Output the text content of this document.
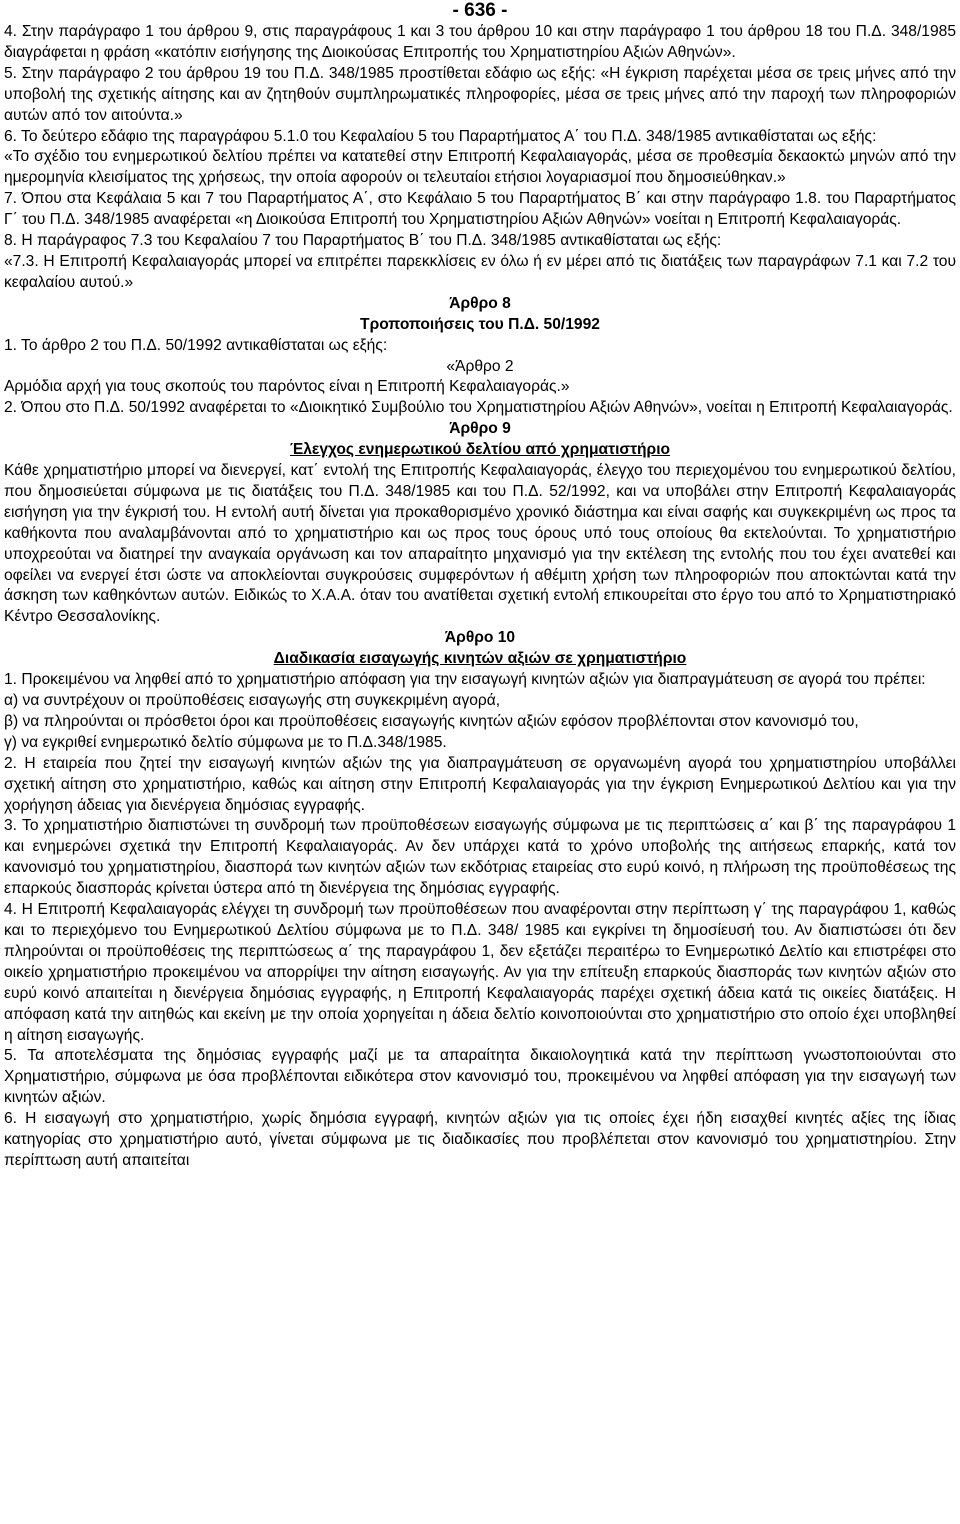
- 636 -

4. Στην παράγραφο 1 του άρθρου 9, στις παραγράφους 1 και 3 του άρθρου 10 και στην παράγραφο 1 του άρθρου 18 του Π.Δ. 348/1985 διαγράφεται η φράση «κατόπιν εισήγησης της Διοικούσας Επιτροπής του Χρηματιστηρίου Αξιών Αθηνών».

5. Στην παράγραφο 2 του άρθρου 19 του Π.Δ. 348/1985 προστίθεται εδάφιο ως εξής: «Η έγκριση παρέχεται μέσα σε τρεις μήνες από την υποβολή της σχετικής αίτησης και αν ζητηθούν συμπληρωματικές πληροφορίες, μέσα σε τρεις μήνες από την παροχή των πληροφοριών αυτών από τον αιτούντα.»

6. Το δεύτερο εδάφιο της παραγράφου 5.1.0 του Κεφαλαίου 5 του Παραρτήματος Α΄ του Π.Δ. 348/1985 αντικαθίσταται ως εξής:

«Το σχέδιο του ενημερωτικού δελτίου πρέπει να κατατεθεί στην Επιτροπή Κεφαλαιαγοράς, μέσα σε προθεσμία δεκαοκτώ μηνών από την ημερομηνία κλεισίματος της χρήσεως, την οποία αφορούν οι τελευταίοι ετήσιοι λογαριασμοί που δημοσιεύθηκαν.»

7. Όπου στα Κεφάλαια 5 και 7 του Παραρτήματος Α΄, στο Κεφάλαιο 5 του Παραρτήματος Β΄ και στην παράγραφο 1.8. του Παραρτήματος Γ΄ του Π.Δ. 348/1985 αναφέρεται «η Διοικούσα Επιτροπή του Χρηματιστηρίου Αξιών Αθηνών» νοείται η Επιτροπή Κεφαλαιαγοράς.

8. Η παράγραφος 7.3 του Κεφαλαίου 7 του Παραρτήματος Β΄ του Π.Δ. 348/1985 αντικαθίσταται ως εξής:

«7.3. Η Επιτροπή Κεφαλαιαγοράς μπορεί να επιτρέπει παρεκκλίσεις εν όλω ή εν μέρει από τις διατάξεις των παραγράφων 7.1 και 7.2 του κεφαλαίου αυτού.»

Άρθρο 8

Τροποποιήσεις του Π.Δ. 50/1992

1. Το άρθρο 2 του Π.Δ. 50/1992 αντικαθίσταται ως εξής:

«Άρθρο 2

Αρμόδια αρχή για τους σκοπούς του παρόντος είναι η Επιτροπή Κεφαλαιαγοράς.»

2. Όπου στο Π.Δ. 50/1992 αναφέρεται το «Διοικητικό Συμβούλιο του Χρηματιστηρίου Αξιών Αθηνών», νοείται η Επιτροπή Κεφαλαιαγοράς.

Άρθρο 9

Έλεγχος ενημερωτικού δελτίου από χρηματιστήριο

Κάθε χρηματιστήριο μπορεί να διενεργεί, κατ΄ εντολή της Επιτροπής Κεφαλαιαγοράς, έλεγχο του περιεχομένου του ενημερωτικού δελτίου, που δημοσιεύεται σύμφωνα με τις διατάξεις του Π.Δ. 348/1985 και του Π.Δ. 52/1992, και να υποβάλει στην Επιτροπή Κεφαλαιαγοράς εισήγηση για την έγκρισή του. Η εντολή αυτή δίνεται για προκαθορισμένο χρονικό διάστημα και είναι σαφής και συγκεκριμένη ως προς τα καθήκοντα που αναλαμβάνονται από το χρηματιστήριο και ως προς τους όρους υπό τους οποίους θα εκτελούνται. Το χρηματιστήριο υποχρεούται να διατηρεί την αναγκαία οργάνωση και τον απαραίτητο μηχανισμό για την εκτέλεση της εντολής που του έχει ανατεθεί και οφείλει να ενεργεί έτσι ώστε να αποκλείονται συγκρούσεις συμφερόντων ή αθέμιτη χρήση των πληροφοριών που αποκτώνται κατά την άσκηση των καθηκόντων αυτών. Ειδικώς το Χ.Α.Α. όταν του ανατίθεται σχετική εντολή επικουρείται στο έργο του από το Χρηματιστηριακό Κέντρο Θεσσαλονίκης.

Άρθρο 10

Διαδικασία εισαγωγής κινητών αξιών σε χρηματιστήριο

1. Προκειμένου να ληφθεί από το χρηματιστήριο απόφαση για την εισαγωγή κινητών αξιών για διαπραγμάτευση σε αγορά του πρέπει:

α) να συντρέχουν οι προϋποθέσεις εισαγωγής στη συγκεκριμένη αγορά,

β) να πληρούνται οι πρόσθετοι όροι και προϋποθέσεις εισαγωγής κινητών αξιών εφόσον προβλέπονται στον κανονισμό του,

γ) να εγκριθεί ενημερωτικό δελτίο σύμφωνα με το Π.Δ.348/1985.

2. Η εταιρεία που ζητεί την εισαγωγή κινητών αξιών της για διαπραγμάτευση σε οργανωμένη αγορά του χρηματιστηρίου υποβάλλει σχετική αίτηση στο χρηματιστήριο, καθώς και αίτηση στην Επιτροπή Κεφαλαιαγοράς για την έγκριση Ενημερωτικού Δελτίου και για την χορήγηση άδειας για διενέργεια δημόσιας εγγραφής.

3. Το χρηματιστήριο διαπιστώνει τη συνδρομή των προϋποθέσεων εισαγωγής σύμφωνα με τις περιπτώσεις α΄ και β΄ της παραγράφου 1 και ενημερώνει σχετικά την Επιτροπή Κεφαλαιαγοράς. Αν δεν υπάρχει κατά το χρόνο υποβολής της αιτήσεως επαρκής, κατά τον κανονισμό του χρηματιστηρίου, διασπορά των κινητών αξιών των εκδότριας εταιρείας στο ευρύ κοινό, η πλήρωση της προϋποθέσεως της επαρκούς διασποράς κρίνεται ύστερα από τη διενέργεια της δημόσιας εγγραφής.

4. Η Επιτροπή Κεφαλαιαγοράς ελέγχει τη συνδρομή των προϋποθέσεων που αναφέρονται στην περίπτωση γ΄ της παραγράφου 1, καθώς και το περιεχόμενο του Ενημερωτικού Δελτίου σύμφωνα με το Π.Δ. 348/ 1985 και εγκρίνει τη δημοσίευσή του. Αν διαπιστώσει ότι δεν πληρούνται οι προϋποθέσεις της περιπτώσεως α΄ της παραγράφου 1, δεν εξετάζει περαιτέρω το Ενημερωτικό Δελτίο και επιστρέφει στο οικείο χρηματιστήριο προκειμένου να απορρίψει την αίτηση εισαγωγής. Αν για την επίτευξη επαρκούς διασποράς των κινητών αξιών στο ευρύ κοινό απαιτείται η διενέργεια δημόσιας εγγραφής, η Επιτροπή Κεφαλαιαγοράς παρέχει σχετική άδεια κατά τις οικείες διατάξεις. Η απόφαση κατά την αιτηθώς και εκείνη με την οποία χορηγείται η άδεια δελτίο κοινοποιούνται στο χρηματιστήριο στο οποίο έχει υποβληθεί η αίτηση εισαγωγής.

5. Τα αποτελέσματα της δημόσιας εγγραφής μαζί με τα απαραίτητα δικαιολογητικά κατά την περίπτωση γνωστοποιούνται στο Χρηματιστήριο, σύμφωνα με όσα προβλέπονται ειδικότερα στον κανονισμό του, προκειμένου να ληφθεί απόφαση για την εισαγωγή των κινητών αξιών.

6. Η εισαγωγή στο χρηματιστήριο, χωρίς δημόσια εγγραφή, κινητών αξιών για τις οποίες έχει ήδη εισαχθεί κινητές αξίες της ίδιας κατηγορίας στο χρηματιστήριο αυτό, γίνεται σύμφωνα με τις διαδικασίες που προβλέπεται στον κανονισμό του χρηματιστηρίου. Στην περίπτωση αυτή απαιτείται
